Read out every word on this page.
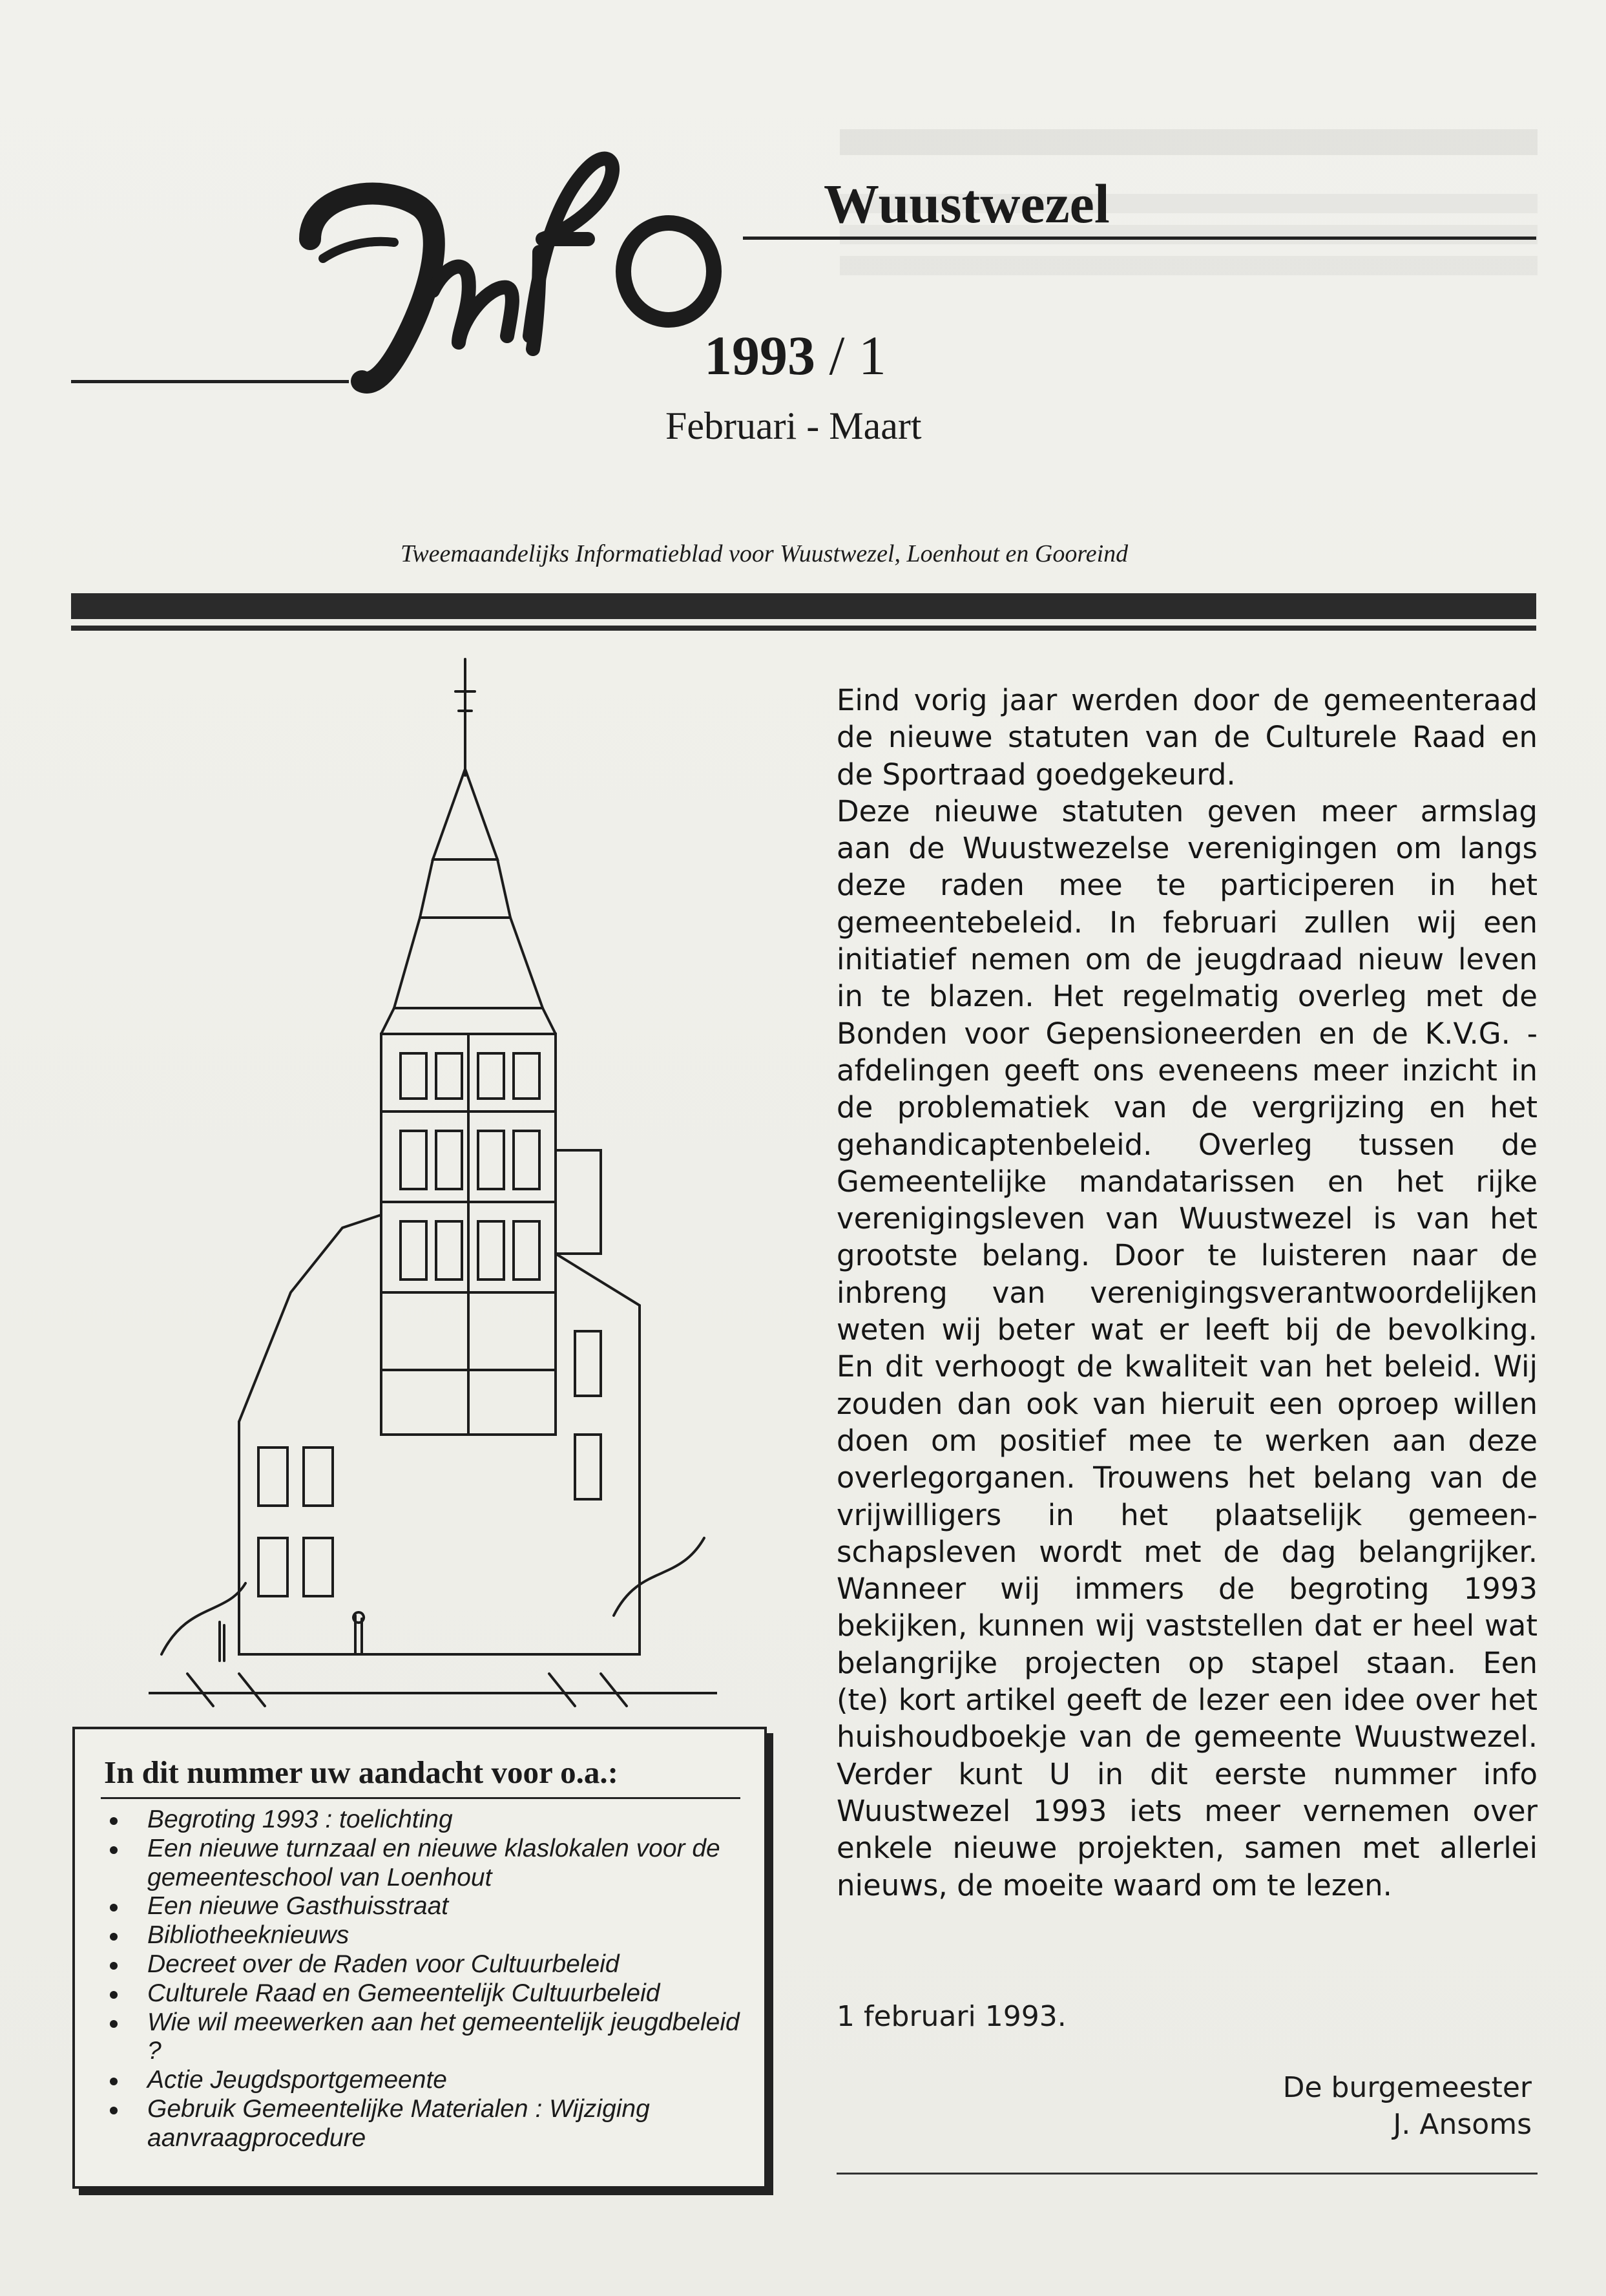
Wuustwezel
1993 / 1
Februari - Maart
Tweemaandelijks Informatieblad voor Wuustwezel, Loenhout en Gooreind
Eind vorig jaar werden door de gemeenteraad
de nieuwe statuten van de Culturele Raad en
de Sportraad goedgekeurd.
Deze nieuwe statuten geven meer armslag
aan de Wuustwezelse verenigingen om langs
deze raden mee te participeren in het
gemeentebeleid. In februari zullen wij een
initiatief nemen om de jeugdraad nieuw leven
in te blazen. Het regelmatig overleg met de
Bonden voor Gepensioneerden en de K.V.G. -
afdelingen geeft ons eveneens meer inzicht in
de problematiek van de vergrijzing en het
gehandicaptenbeleid. Overleg tussen de
Gemeentelijke mandatarissen en het rijke
verenigingsleven van Wuustwezel is van het
grootste belang. Door te luisteren naar de
inbreng van verenigingsverantwoordelijken
weten wij beter wat er leeft bij de bevolking.
En dit verhoogt de kwaliteit van het beleid. Wij
zouden dan ook van hieruit een oproep willen
doen om positief mee te werken aan deze
overlegorganen. Trouwens het belang van de
vrijwilligers in het plaatselijk gemeen-
schapsleven wordt met de dag belangrijker.
Wanneer wij immers de begroting 1993
bekijken, kunnen wij vaststellen dat er heel wat
belangrijke projecten op stapel staan. Een
(te) kort artikel geeft de lezer een idee over het
huishoudboekje van de gemeente Wuustwezel.
Verder kunt U in dit eerste nummer info
Wuustwezel 1993 iets meer vernemen over
enkele nieuwe projekten, samen met allerlei
nieuws, de moeite waard om te lezen.
1 februari 1993.
De burgemeester
J. Ansoms
In dit nummer uw aandacht voor o.a.:
Begroting 1993 : toelichting
Een nieuwe turnzaal en nieuwe klaslokalen voor de gemeenteschool van Loenhout
Een nieuwe Gasthuisstraat
Bibliotheeknieuws
Decreet over de Raden voor Cultuurbeleid
Culturele Raad en Gemeentelijk Cultuurbeleid
Wie wil meewerken aan het gemeentelijk jeugdbeleid ?
Actie Jeugdsportgemeente
Gebruik Gemeentelijke Materialen : Wijziging aanvraagprocedure
